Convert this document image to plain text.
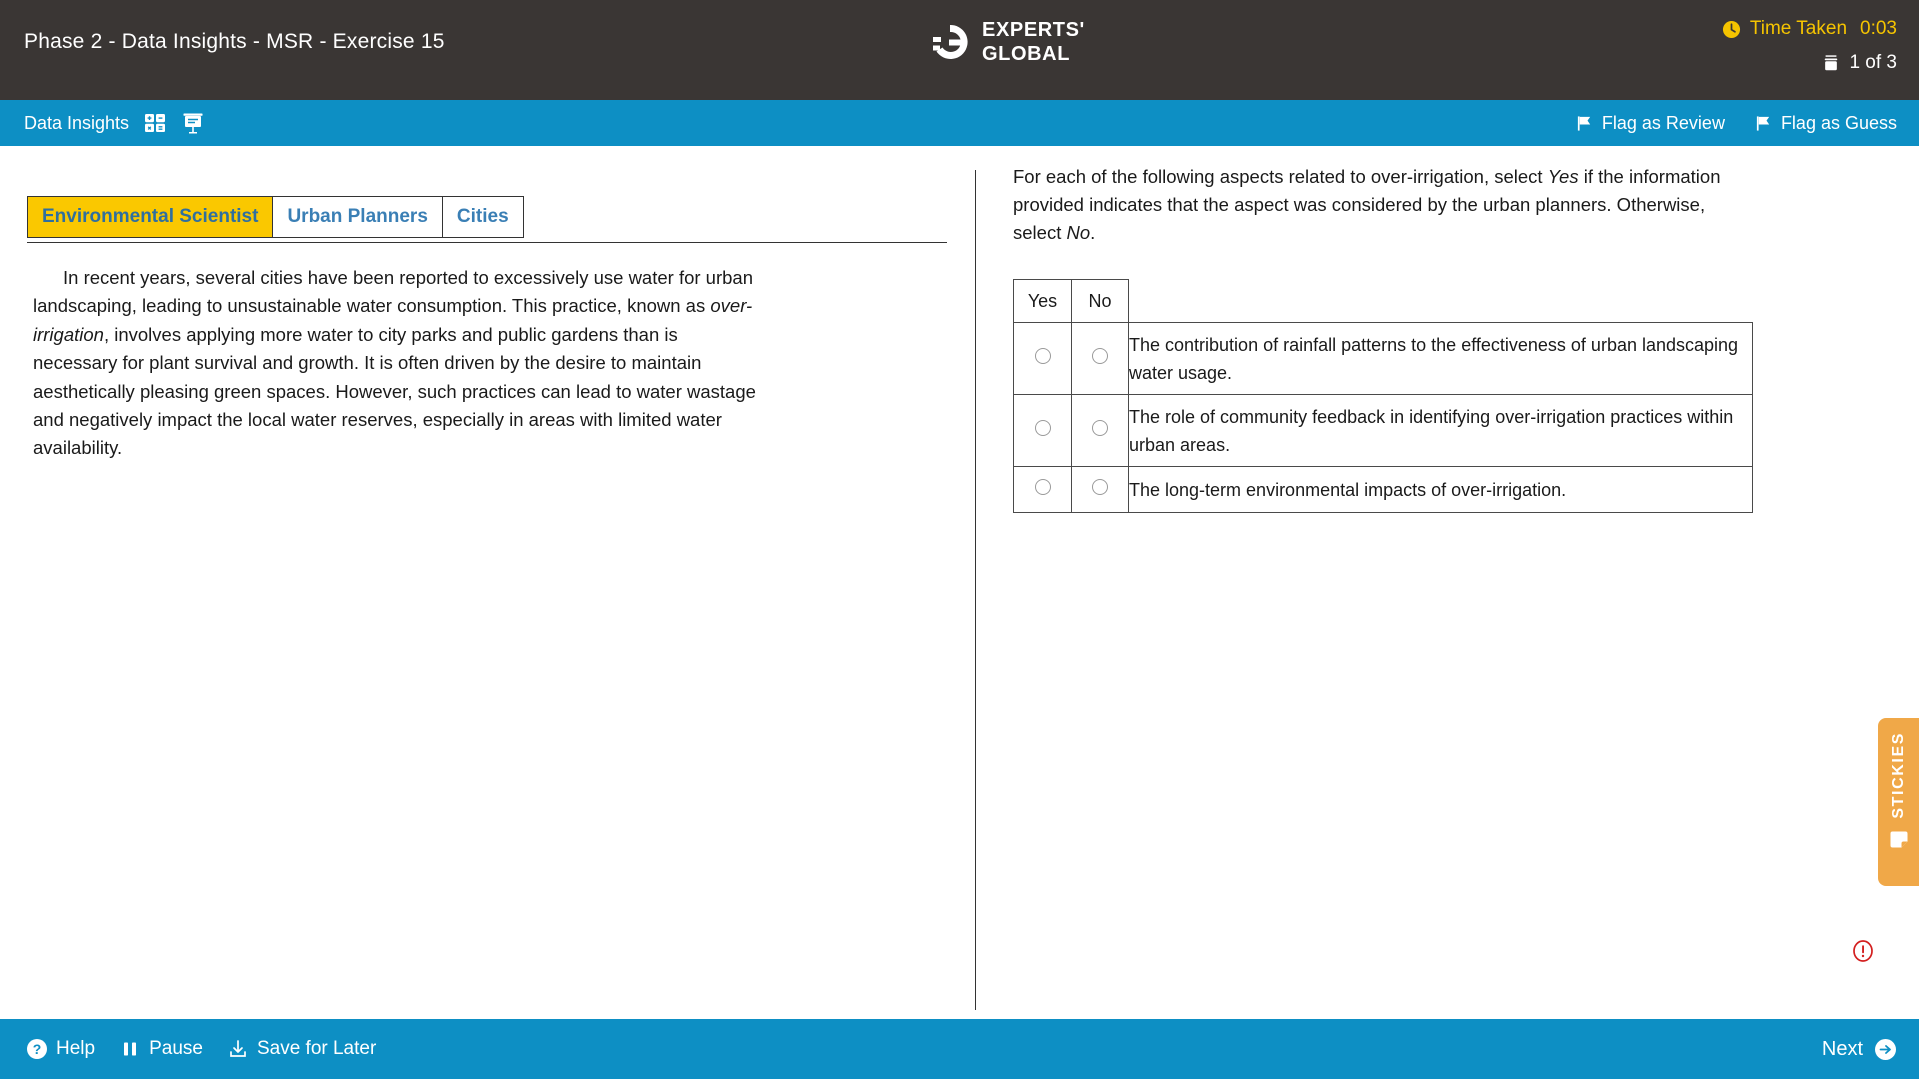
Phase 2 - Data Insights - MSR - Exercise 15	EXPERTS'
GLOBAL
Time Taken 0:03
1 of 3
Data Insights	Flag as Review	Flag as Guess
Environmental Scientist	Urban Planners	Cities
In recent years, several cities have been reported to excessively use water for urban landscaping, leading to unsustainable water consumption. This practice, known as over-irrigation, involves applying more water to city parks and public gardens than is necessary for plant survival and growth. It is often driven by the desire to maintain aesthetically pleasing green spaces. However, such practices can lead to water wastage and negatively impact the local water reserves, especially in areas with limited water availability.
For each of the following aspects related to over-irrigation, select Yes if the information provided indicates that the aspect was considered by the urban planners. Otherwise, select No.
Yes	No	
		The contribution of rainfall patterns to the effectiveness of urban landscaping water usage.
		The role of community feedback in identifying over-irrigation practices within urban areas.
		The long-term environmental impacts of over-irrigation.
STICKIES
? Help	Pause	Save for Later	Next
